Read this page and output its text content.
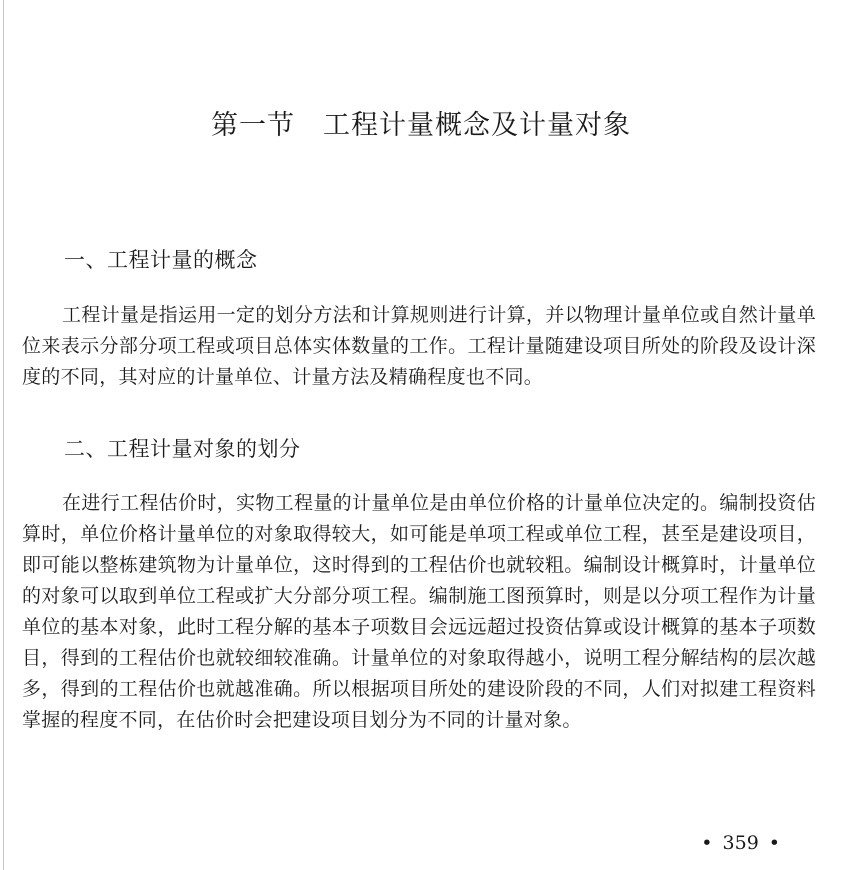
第一节 工程计量概念及计量对象
一、工程计量的概念

工程计量是指运用一定的划分方法和计算规则进行计算，并以物理计量单位或自然计量单位来表示分部分项工程或项目总体实体数量的工作。工程计量随建设项目所处的阶段及设计深度的不同，其对应的计量单位、计量方法及精确程度也不同。

二、工程计量对象的划分

在进行工程估价时，实物工程量的计量单位是由单位价格的计量单位决定的。编制投资估算时，单位价格计量单位的对象取得较大，如可能是单项工程或单位工程，甚至是建设项目，即可能以整栋建筑物为计量单位，这时得到的工程估价也就较粗。编制设计概算时，计量单位的对象可以取到单位工程或扩大分部分项工程。编制施工图预算时，则是以分项工程作为计量单位的基本对象，此时工程分解的基本子项数目会远远超过投资估算或设计概算的基本子项数目，得到的工程估价也就较细较准确。计量单位的对象取得越小，说明工程分解结构的层次越多，得到的工程估价也就越准确。所以根据项目所处的建设阶段的不同，人们对拟建工程资料掌握的程度不同，在估价时会把建设项目划分为不同的计量对象。

• 359 •
